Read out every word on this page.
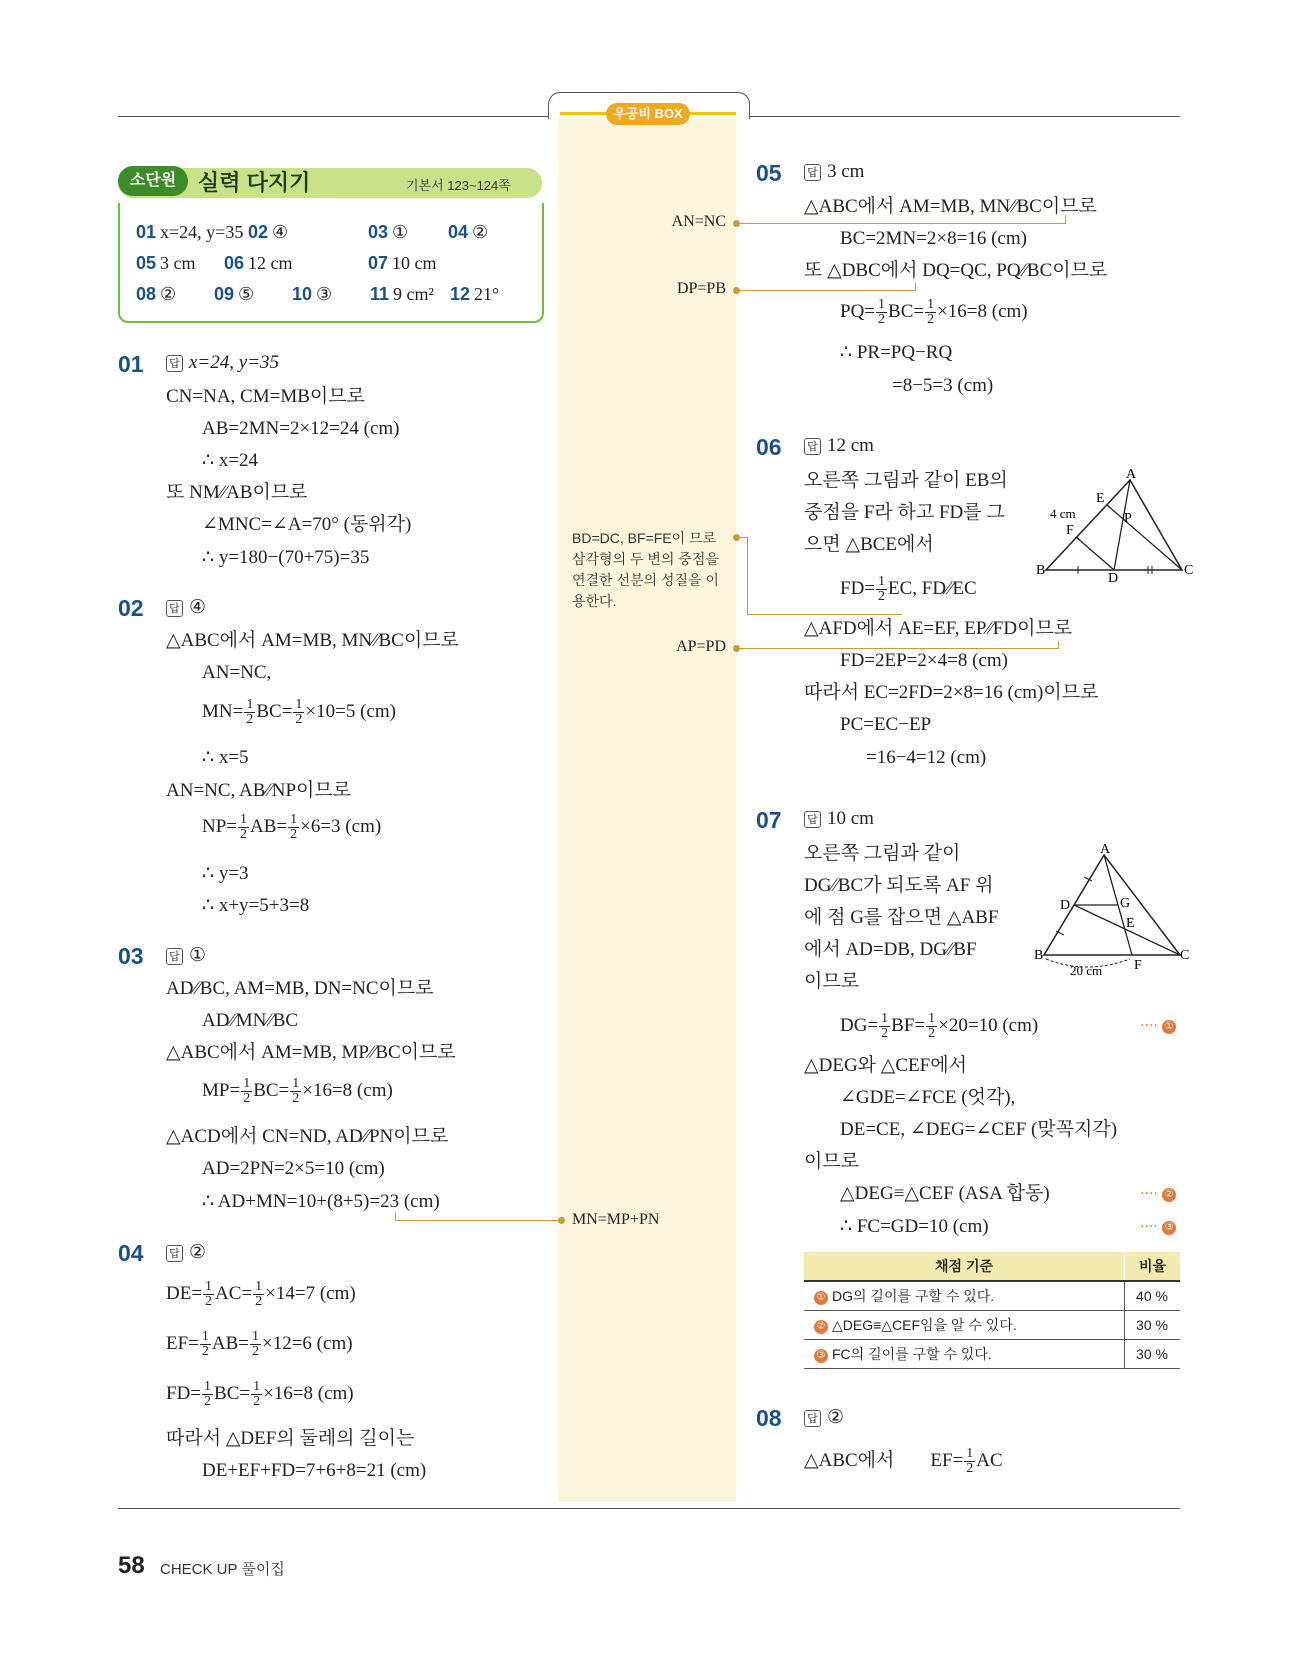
우공비 BOX
소단원 실력 다지기	기본서 123~124쪽
01 x=24, y=35 02 ④	03 ① 04 ②
05 3 cm 06 12 cm	07 10 cm
08 ② 09 ⑤ 10 ③ 11 9 cm² 12 21°
01 답 x=24, y=35
CN=NA, CM=MB이므로
AB=2MN=2×12=24 (cm)
∴ x=24
또 NM∕∕AB이므로
∠MNC=∠A=70° (동위각)
∴ y=180−(70+75)=35
02 답 ④
△ABC에서 AM=MB, MN∕∕BC이므로
AN=NC,
$MN= \frac{1}{2} BC= \frac{1}{2} \times 10=5$ (cm)
∴ x=5
AN=NC, AB∕∕NP이므로
$NP= \frac{1}{2} AB= \frac{1}{2} \times 6=3$ (cm)
∴ y=3
∴ x+y=5+3=8
03 답 ①
AD∕∕BC, AM=MB, DN=NC이므로
AD∕∕MN∕∕BC
△ABC에서 AM=MB, MP∕∕BC이므로
$MP= \frac{1}{2} BC= \frac{1}{2} \times 16=8$ (cm)
△ACD에서 CN=ND, AD∕∕PN이므로
AD=2PN=2×5=10 (cm)
∴ AD+MN=10+(8+5)=23 (cm)
04 답 ②
$DE= \frac{1}{2} AC= \frac{1}{2} \times 14=7$ (cm)
$EF= \frac{1}{2} AB= \frac{1}{2} \times 12=6$ (cm)
$FD= \frac{1}{2} BC= \frac{1}{2} \times 16=8$ (cm)
따라서 △DEF의 둘레의 길이는
DE+EF+FD=7+6+8=21 (cm)
AN=NC
DP=PB
BD=DC, BF=FE이 므로 삼각형의 두 변의 중점을 연결한 선분의 성질을 이용한다.
AP=PD
MN=MP+PN
05 답 3 cm
△ABC에서 AM=MB, MN∕∕BC이므로
BC=2MN=2×8=16 (cm)
또 △DBC에서 DQ=QC, PQ∕∕BC이므로
$PQ= \frac{1}{2} BC= \frac{1}{2} \times 16=8$ (cm)
∴ PR=PQ−RQ
=8−5=3 (cm)
06 답 12 cm
오른쪽 그림과 같이 EB의
중점을 F라 하고 FD를 그
으면 △BCE에서
$FD= \frac{1}{2}$ EC, FD∕∕EC
△AFD에서 AE=EF, EP∕∕FD이므로
FD=2EP=2×4=8 (cm)
따라서 EC=2FD=2×8=16 (cm)이므로
PC=EC−EP
=16−4=12 (cm)
A
B	C
D
E
F
P
4 cm
07 답 10 cm
오른쪽 그림과 같이
DG∕∕BC가 되도록 AF 위
에 점 G를 잡으면 △ABF
에서 AD=DB, DG∕∕BF
이므로
$DG= \frac{1}{2} BF= \frac{1}{2} \times 20=10$ (cm)	···· ①
△DEG와 △CEF에서
∠GDE=∠FCE (엇각),
DE=CE, ∠DEG=∠CEF (맞꼭지각)
이므로
△DEG≡△CEF (ASA 합동)	···· ②
∴ FC=GD=10 (cm)	···· ③
A
B	C
D	G
E
F
20 cm
채점 기준	비율
① DG의 길이를 구할 수 있다.	40 %
② △DEG≡△CEF임을 알 수 있다.	30 %
③ FC의 길이를 구할 수 있다.	30 %
08 답 ②
△ABC에서 $EF= \frac{1}{2}$ AC
58 CHECK UP 풀이집
